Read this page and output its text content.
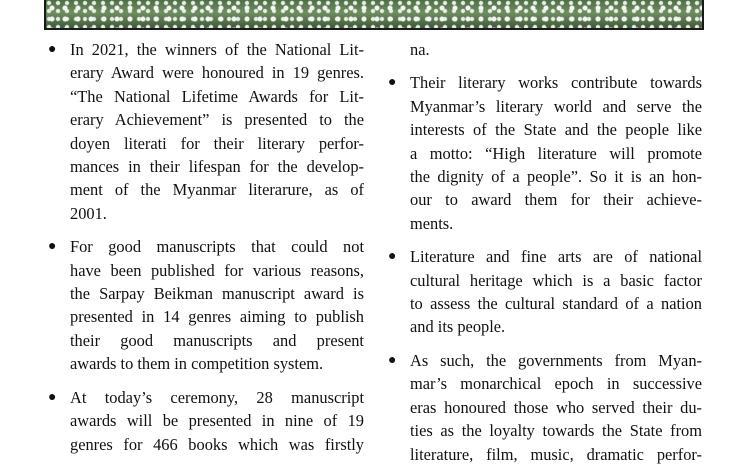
● In 2021, the winners of the National Lit-
erary Award were honoured in 19 genres.
“The National Lifetime Awards for Lit-
erary Achievement” is presented to the
doyen literati for their literary perfor-
mances in their lifespan for the develop-
ment of the Myanmar literarure, as of
2001.
● For good manuscripts that could not
have been published for various reasons,
the Sarpay Beikman manuscript award is
presented in 14 genres aiming to publish
their good manuscripts and present
awards to them in competition system.
● At today’s ceremony, 28 manuscript
awards will be presented in nine of 19
genres for 466 books which was firstly
na.
● Their literary works contribute towards
Myanmar’s literary world and serve the
interests of the State and the people like
a motto: “High literature will promote
the dignity of a people”. So it is an hon-
our to award them for their achieve-
ments.
● Literature and fine arts are of national
cultural heritage which is a basic factor
to assess the cultural standard of a nation
and its people.
● As such, the governments from Myan-
mar’s monarchical epoch in successive
eras honoured those who served their du-
ties as the loyalty towards the State from
literature, film, music, dramatic perfor-
